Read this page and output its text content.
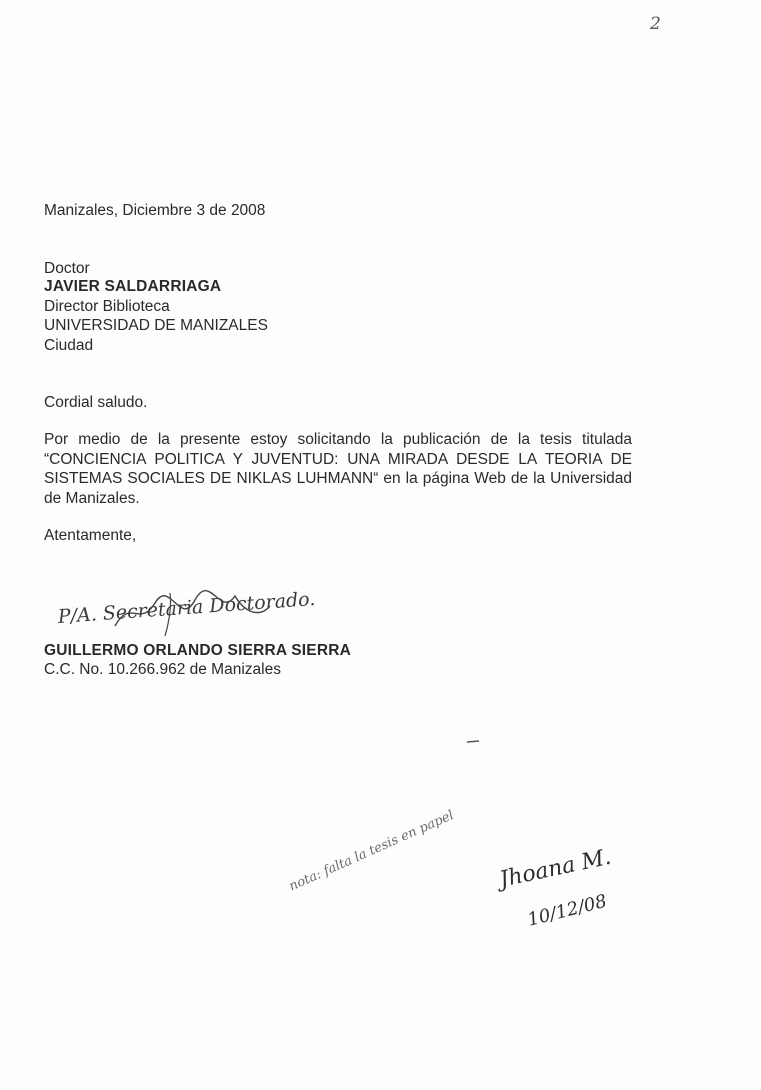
2
Manizales, Diciembre 3 de 2008
Doctor
JAVIER SALDARRIAGA
Director Biblioteca
UNIVERSIDAD DE MANIZALES
Ciudad
Cordial saludo.
Por medio de la presente estoy solicitando la publicación de la tesis titulada “CONCIENCIA POLITICA Y JUVENTUD: UNA MIRADA DESDE LA TEORIA DE SISTEMAS SOCIALES DE NIKLAS LUHMANN“ en la página Web de la Universidad de Manizales.
Atentamente,
P/A. Secretaria Doctorado.
GUILLERMO ORLANDO SIERRA SIERRA
C.C. No. 10.266.962 de Manizales
nota: falta la tesis en papel Jhoana M.
10/12/08
